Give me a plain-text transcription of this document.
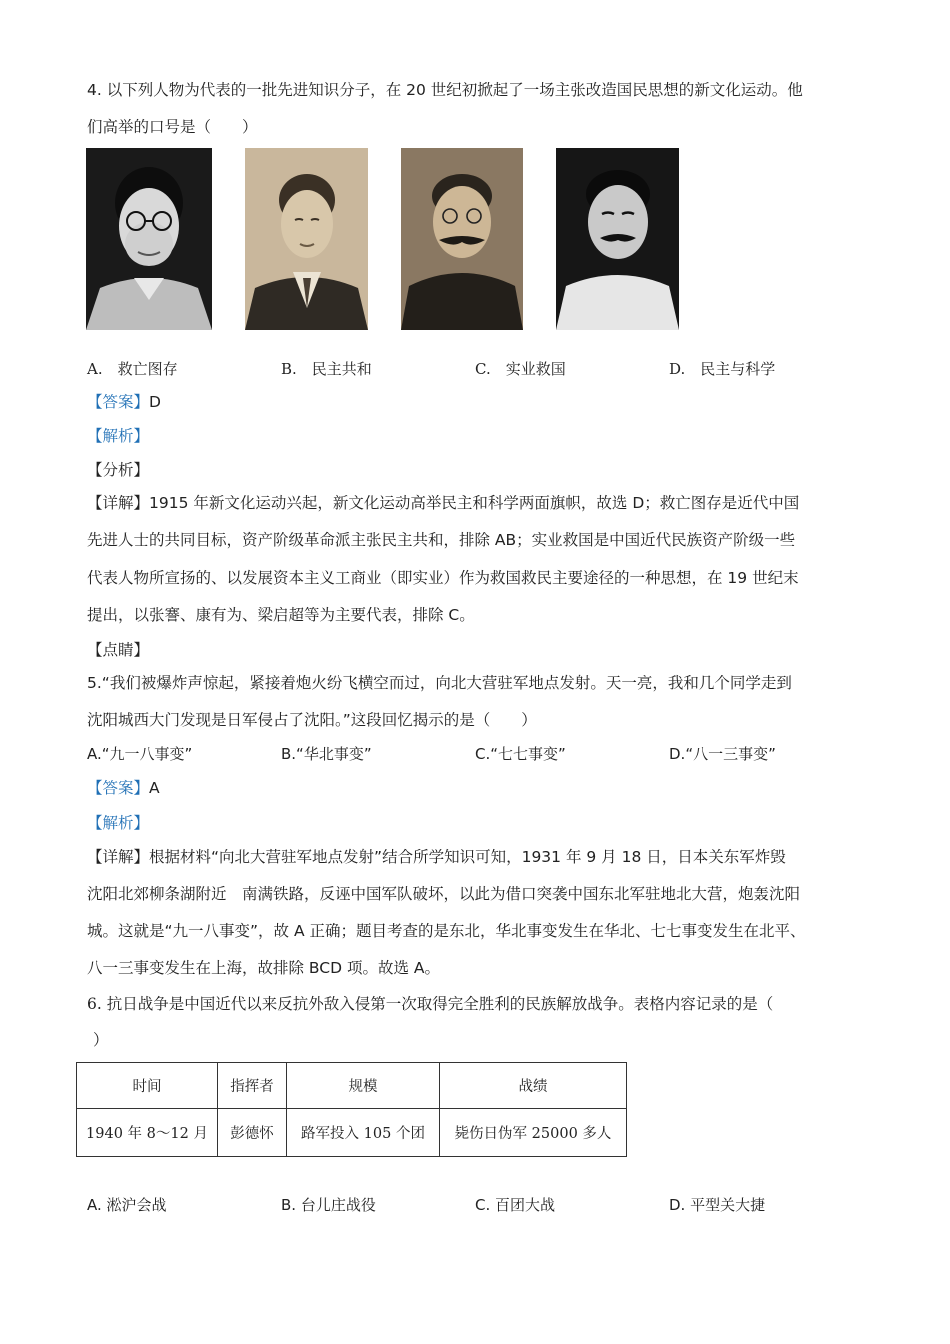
4. 以下列人物为代表的一批先进知识分子，在 20 世纪初掀起了一场主张改造国民思想的新文化运动。他
们高举的口号是（　　）
A.　救亡图存	B.　民主共和	C.　实业救国	D.　民主与科学
【答案】D
【解析】
【分析】
【详解】1915 年新文化运动兴起，新文化运动高举民主和科学两面旗帜，故选 D；救亡图存是近代中国
先进人士的共同目标，资产阶级革命派主张民主共和，排除 AB；实业救国是中国近代民族资产阶级一些
代表人物所宣扬的、以发展资本主义工商业（即实业）作为救国救民主要途径的一种思想，在 19 世纪末
提出，以张謇、康有为、梁启超等为主要代表，排除 C。
【点睛】
5.“我们被爆炸声惊起，紧接着炮火纷飞横空而过，向北大营驻军地点发射。天一亮，我和几个同学走到
沈阳城西大门发现是日军侵占了沈阳。”这段回忆揭示的是（　　）
A.“九一八事变”	B.“华北事变”	C.“七七事变”	D.“八一三事变”
【答案】A
【解析】
【详解】根据材料“向北大营驻军地点发射”结合所学知识可知，1931 年 9 月 18 日，日本关东军炸毁
沈阳北郊柳条湖附近　南满铁路，反诬中国军队破坏，以此为借口突袭中国东北军驻地北大营，炮轰沈阳
城。这就是“九一八事变”，故 A 正确；题目考查的是东北，华北事变发生在华北、七七事变发生在北平、
八一三事变发生在上海，故排除 BCD 项。故选 A。
6. 抗日战争是中国近代以来反抗外敌入侵第一次取得完全胜利的民族解放战争。表格内容记录的是（
）
时间	指挥者	规模	战绩
1940 年 8～12 月	彭德怀	路军投入 105 个团	毙伤日伪军 25000 多人
A. 淞沪会战	B. 台儿庄战役	C. 百团大战	D. 平型关大捷
